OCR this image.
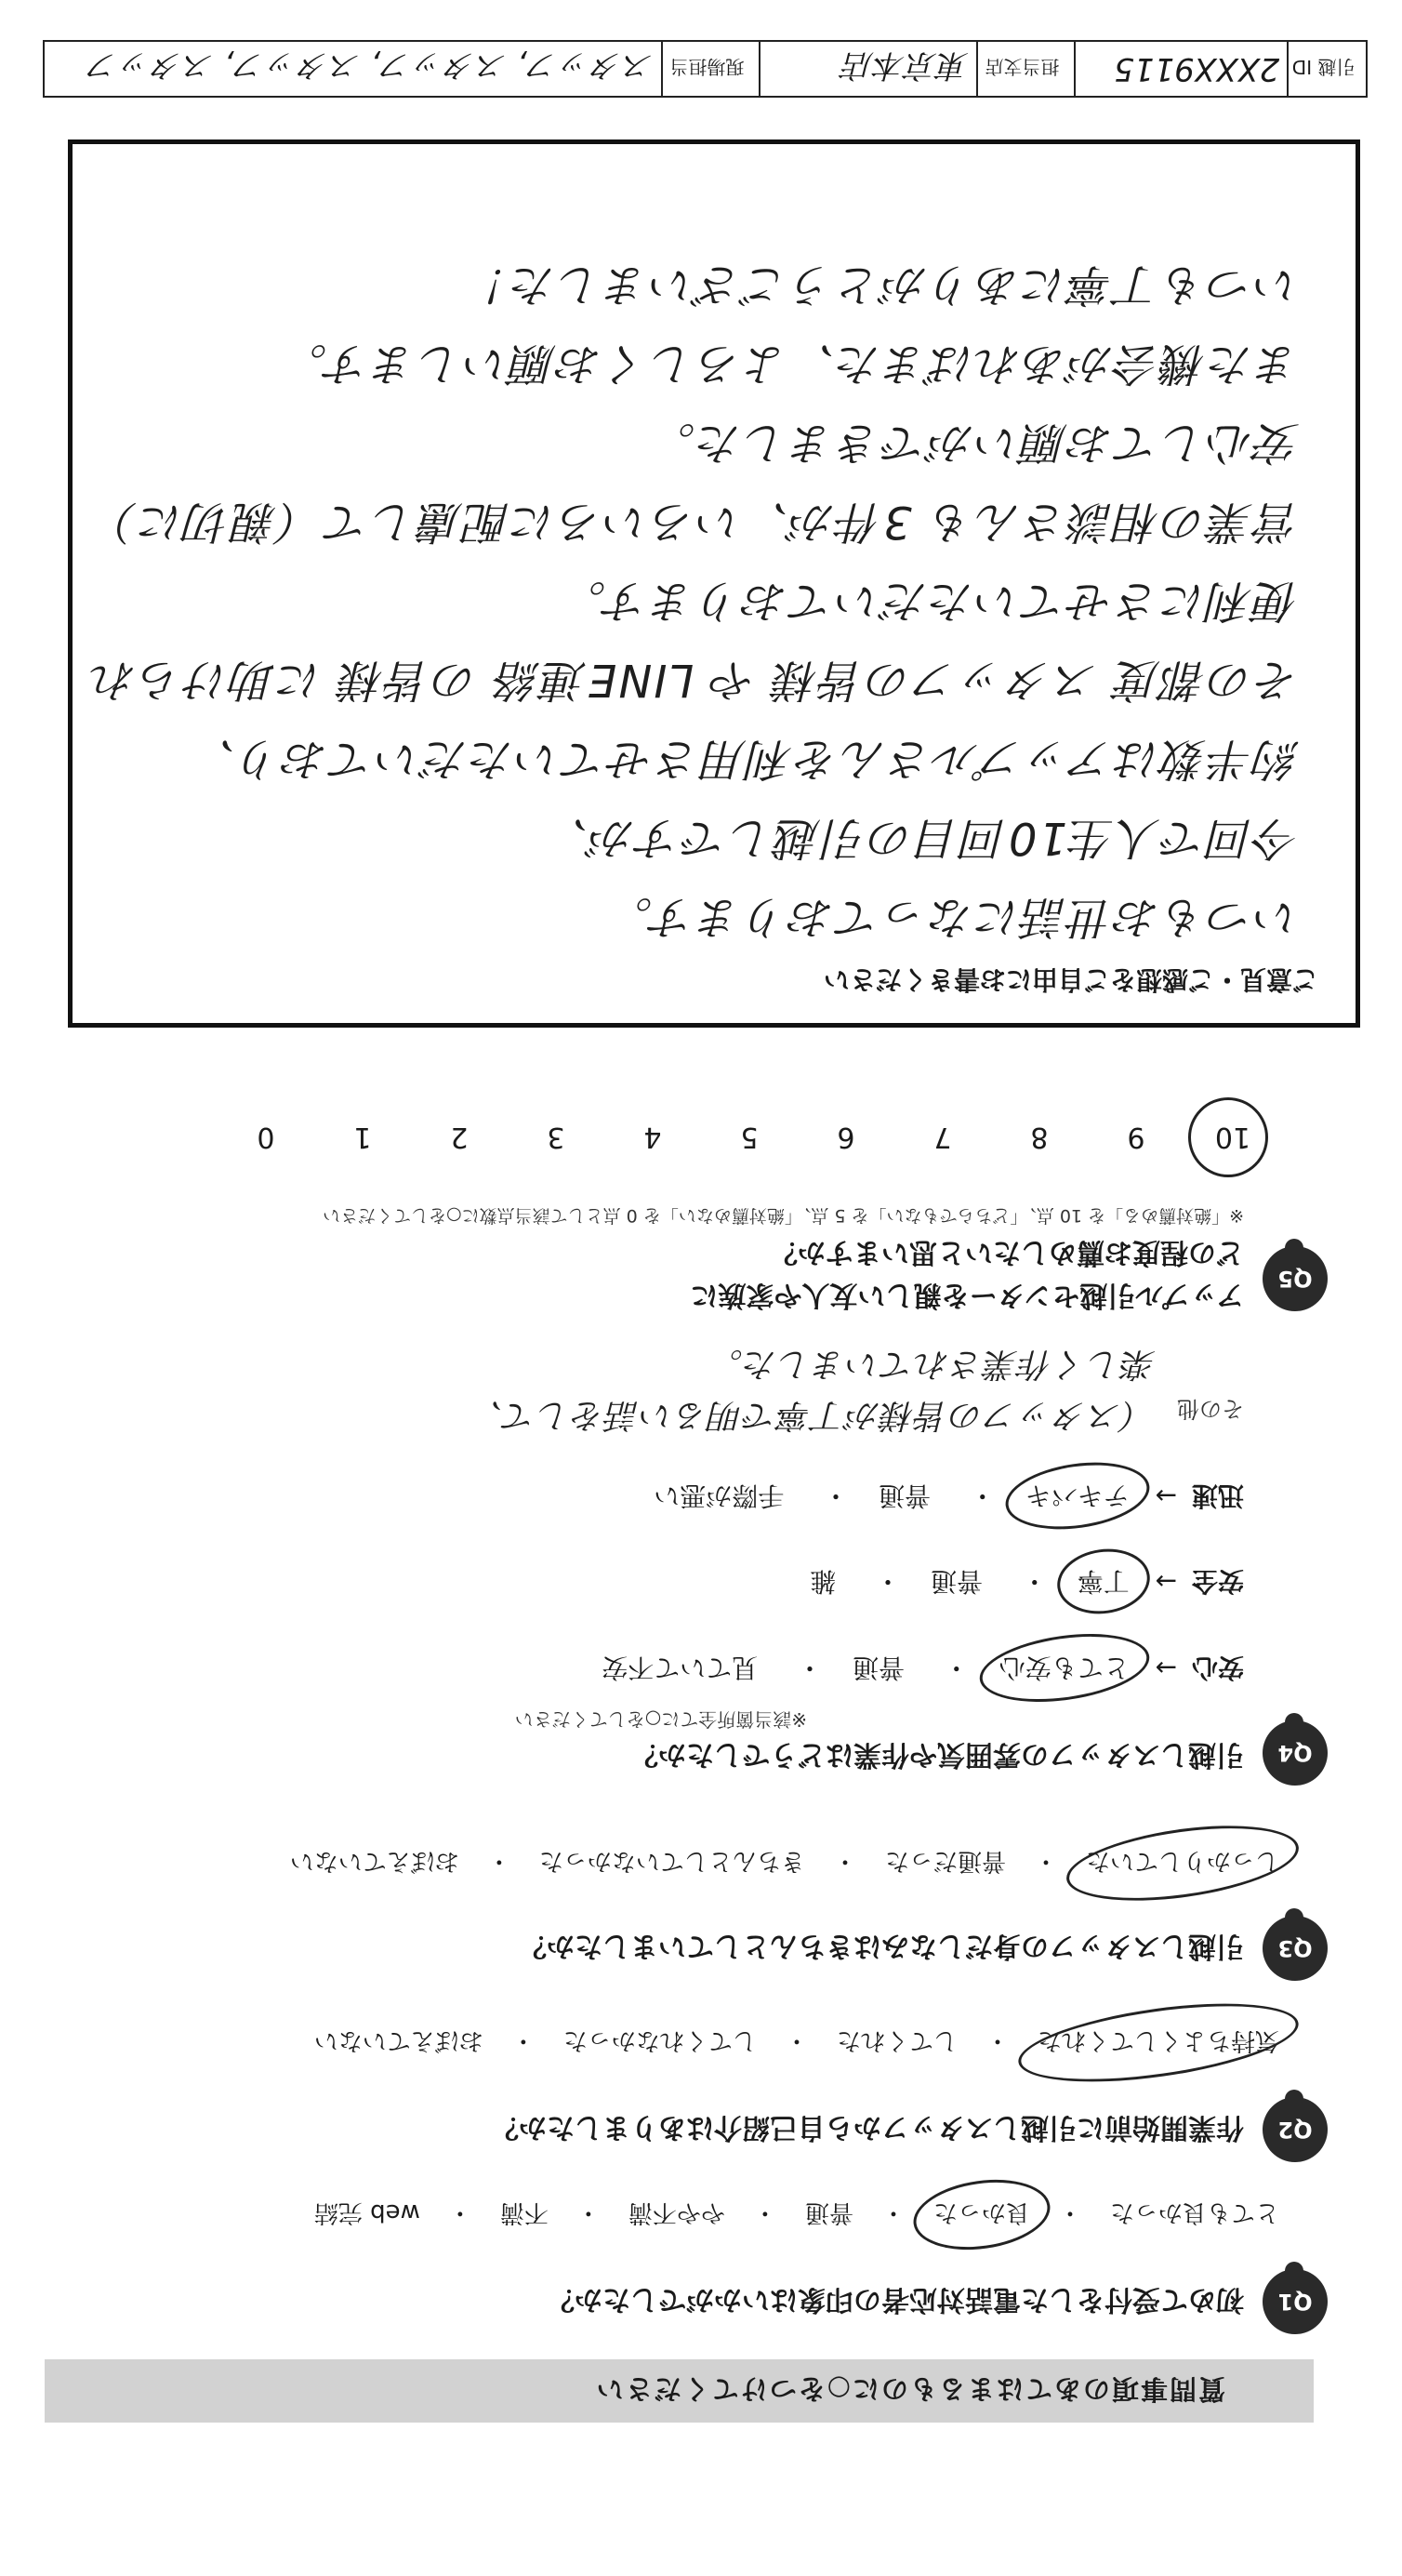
質問事項のあてはまるものに○をつけてください
Q1
初めて受付をした電話対応者の印象はいかがでしたか？
とても良かった
・
良かった
・
普通
・
やや不満
・
不満
・
web 完結
Q2
作業開始前に引越しスタッフから自己紹介はありましたか？
気持ちよくしてくれた
・
してくれた
・
してくれなかった
・
おぼえていない
Q3
引越しスタッフの身だしなみはきちんとしていましたか？
しっかりしていた
・
普通だった
・
きちんとしていなかった
・
おぼえていない
Q4
引越しスタッフの雰囲気や作業はどうでしたか？
※該当箇所全てに○をしてください
安心→ とても安心・ 普通・ 見ていて不安
安全→ 丁寧・ 普通・ 雑
迅速→ テキパキ・ 普通・ 手際が悪い
その他
（スタッフの皆様が丁寧で明るい話をして、
楽しく作業されていました。
Q5
アップル引越センターを親しい友人や家族に
どの程度お薦めしたいと思いますか？
※「絶対薦める」を 10 点、「どちらでもない」を 5 点、「絶対薦めない」を 0 点として該当点数に○をしてください
10
9
8
7
6
5
4
3
2
1
0
ご意見・ご感想をご自由にお書きください
いつもお世話になっております。
今回で人生10回目の引越しですが、
約半数はアップルさんを利用させていただいており、
その都度 スタッフの皆様 や LINE連絡 の皆様 に助けられ
便利にさせていただいております。
営業の相談さんも 3件が、いろいろに配慮して（親切に）
安心してお願いができました。
また機会があればまた、よろしくお願いします。
いつも丁寧にありがとうございました！
引越 ID
2XXX9115
担当支店
東京本店
現場担当
スタッフ, スタッフ, スタッフ, スタッフ
